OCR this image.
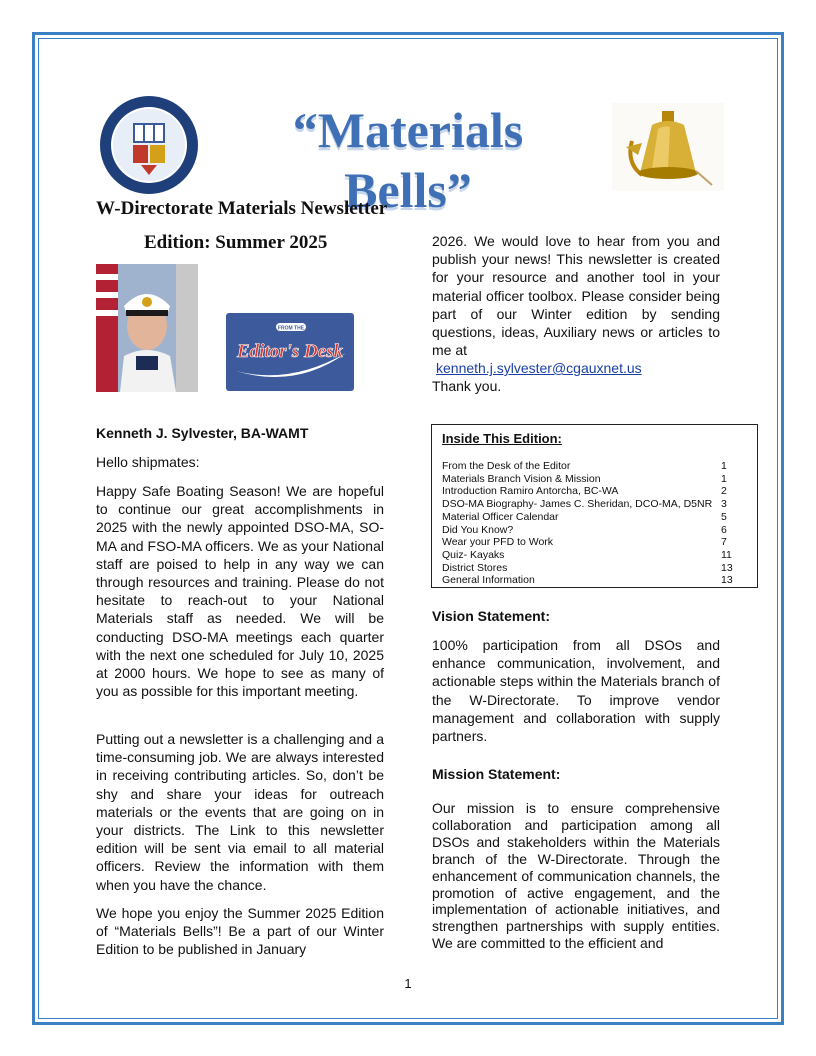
“Materials Bells”
W-Directorate Materials Newsletter
Edition: Summer 2025
FROM THE
Editor's Desk
Kenneth J. Sylvester, BA-WAMT
Hello shipmates:

Happy Safe Boating Season! We are hopeful to continue our great accomplishments in 2025 with the newly appointed DSO-MA, SO-MA and FSO-MA officers. We as your National staff are poised to help in any way we can through resources and training. Please do not hesitate to reach-out to your National Materials staff as needed. We will be conducting DSO-MA meetings each quarter with the next one scheduled for July 10, 2025 at 2000 hours. We hope to see as many of you as possible for this important meeting.

Putting out a newsletter is a challenging and a time-consuming job. We are always interested in receiving contributing articles. So, don’t be shy and share your ideas for outreach materials or the events that are going on in your districts. The Link to this newsletter edition will be sent via email to all material officers. Review the information with them when you have the chance.

We hope you enjoy the Summer 2025 Edition of “Materials Bells”! Be a part of our Winter Edition to be published in January

2026. We would love to hear from you and publish your news! This newsletter is created for your resource and another tool in your material officer toolbox. Please consider being part of our Winter edition by sending questions, ideas, Auxiliary news or articles to me at

kenneth.j.sylvester@cgauxnet.us
Thank you.
Inside This Edition:
From the Desk of the Editor	1
Materials Branch Vision & Mission	1
Introduction Ramiro Antorcha, BC-WA	2
DSO-MA Biography- James C. Sheridan, DCO-MA, D5NR 3
Material Officer Calendar	5
Did You Know?	6
Wear your PFD to Work	7
Quiz- Kayaks	11
District Stores	13
General Information	13
Vision Statement:

100% participation from all DSOs and enhance communication, involvement, and actionable steps within the Materials branch of the W-Directorate. To improve vendor management and collaboration with supply partners.

Mission Statement:

Our mission is to ensure comprehensive collaboration and participation among all DSOs and stakeholders within the Materials branch of the W-Directorate. Through the enhancement of communication channels, the promotion of active engagement, and the implementation of actionable initiatives, and strengthen partnerships with supply entities. We are committed to the efficient and

1
